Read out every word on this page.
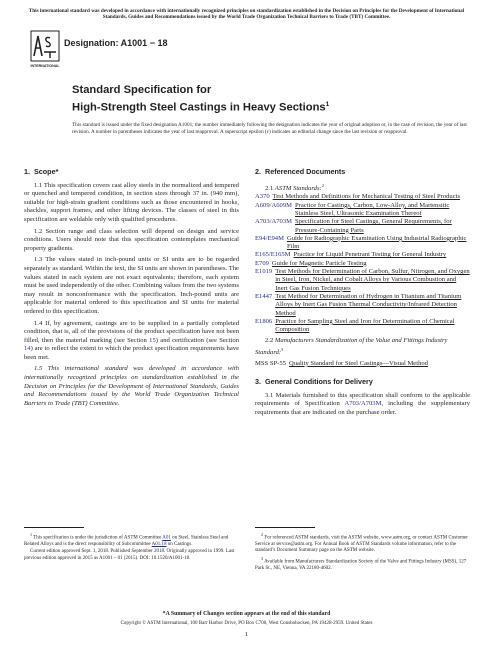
This international standard was developed in accordance with internationally recognized principles on standardization established in the Decision on Principles for the Development of International Standards, Guides and Recommendations issued by the World Trade Organization Technical Barriers to Trade (TBT) Committee.
INTERNATIONAL
Designation: A1001 − 18
Standard Specification for
High-Strength Steel Castings in Heavy Sections$^1$
This standard is issued under the fixed designation A1001; the number immediately following the designation indicates the year of original adoption or, in the case of revision, the year of last revision. A number in parentheses indicates the year of last reapproval. A superscript epsilon (ε) indicates an editorial change since the last revision or reapproval.
1. Scope*

1.1 This specification covers cast alloy steels in the normalized and tempered or quenched and tempered condition, in section sizes through 37 in. (940 mm), suitable for high-strain gradient conditions such as those encountered in hooks, shackles, support frames, and other lifting devices. The classes of steel in this specification are weldable only with qualified procedures.

1.2 Section range and class selection will depend on design and service conditions. Users should note that this specification contemplates mechanical property gradients.

1.3 The values stated in inch-pound units or SI units are to be regarded separately as standard. Within the text, the SI units are shown in parentheses. The values stated in each system are not exact equivalents; therefore, each system must be used independently of the other. Combining values from the two systems may result in nonconformance with the specification. Inch-pound units are applicable for material ordered to this specification and SI units for material ordered to this specification.

1.4 If, by agreement, castings are to be supplied in a partially completed condition, that is, all of the provisions of the product specification have not been filled, then the material marking (see Section 15) and certification (see Section 14) are to reflect the extent to which the product specification requirements have been met.

1.5 This international standard was developed in accordance with internationally recognized principles on standardization established in the Decision on Principles for the Development of International Standards, Guides and Recommendations issued by the World Trade Organization Technical Barriers to Trade (TBT) Committee.

2. Referenced Documents
2.1 ASTM Standards:$^2$
A370 Test Methods and Definitions for Mechanical Testing of Steel Products
A609/A609M Practice for Castings, Carbon, Low-Alloy, and Martensitic Stainless Steel, Ultrasonic Examination Thereof
A703/A703M Specification for Steel Castings, General Requirements, for Pressure-Containing Parts
E94/E94M Guide for Radiographic Examination Using Industrial Radiographic Film
E165/E165M Practice for Liquid Penetrant Testing for General Industry
E709 Guide for Magnetic Particle Testing
E1019 Test Methods for Determination of Carbon, Sulfur, Nitrogen, and Oxygen in Steel, Iron, Nickel, and Cobalt Alloys by Various Combustion and Inert Gas Fusion Techniques
E1447 Test Method for Determination of Hydrogen in Titanium and Titanium Alloys by Inert Gas Fusion Thermal Conductivity/Infrared Detection Method
E1806 Practice for Sampling Steel and Iron for Determination of Chemical Composition
2.2 Manufacturers Standardization of the Value and Fittings Industry Standard:$^3$
MSS SP-55 Quality Standard for Steel Castings—Visual Method
3. General Conditions for Delivery

3.1 Materials furnished to this specification shall conform to the applicable requirements of Specification A703/A703M, including the supplementary requirements that are indicated on the purchase order.

$^1$ This specification is under the jurisdiction of ASTM Committee A01 on Steel, Stainless Steel and Related Alloys and is the direct responsibility of Subcommittee A01.18 on Castings.

Current edition approved Sept. 1, 2018. Published September 2018. Originally approved in 1999. Last previous edition approved in 2015 as A1001 – 01 (2015). DOI: 10.1520/A1001-18.

$^2$ For referenced ASTM standards, visit the ASTM website, www.astm.org, or contact ASTM Customer Service at service@astm.org. For Annual Book of ASTM Standards volume information, refer to the standard’s Document Summary page on the ASTM website.

$^3$ Available from Manufacturers Standardization Society of the Valve and Fittings Industry (MSS), 127 Park St., NE, Vienna, VA 22180-4602.

*A Summary of Changes section appears at the end of this standard
Copyright © ASTM International, 100 Barr Harbor Drive, PO Box C700, West Conshohocken, PA 19428-2959. United States
1
